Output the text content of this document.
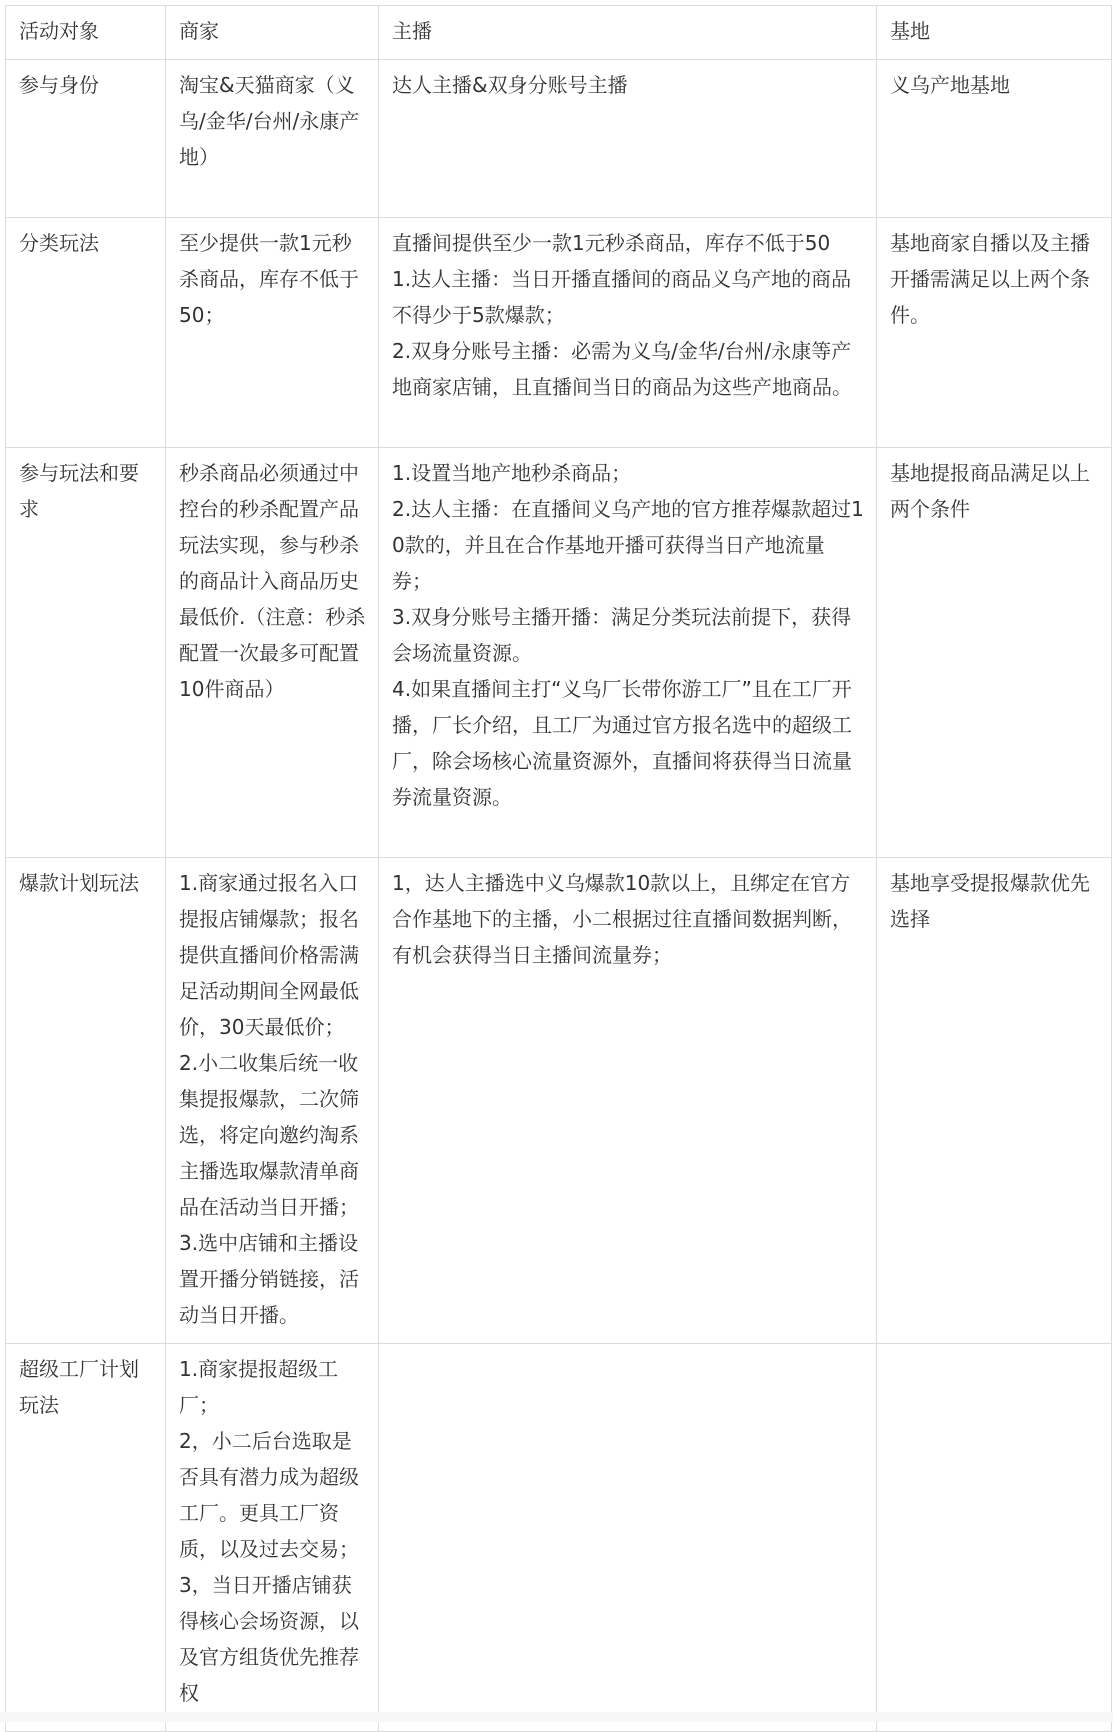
活动对象	商家	主播	基地
参与身份	淘宝&天猫商家（义乌/金华/台州/永康产地）	达人主播&双身分账号主播	义乌产地基地

分类玩法	至少提供一款1元秒杀商品，库存不低于50；	直播间提供至少一款1元秒杀商品，库存不低于50
1.达人主播：当日开播直播间的商品义乌产地的商品不得少于5款爆款；
2.双身分账号主播：必需为义乌/金华/台州/永康等产地商家店铺，且直播间当日的商品为这些产地商品。	基地商家自播以及主播开播需满足以上两个条件。

参与玩法和要求	秒杀商品必须通过中控台的秒杀配置产品玩法实现，参与秒杀的商品计入商品历史最低价.（注意：秒杀配置一次最多可配置10件商品）	1.设置当地产地秒杀商品；
2.达人主播：在直播间义乌产地的官方推荐爆款超过10款的，并且在合作基地开播可获得当日产地流量券；
3.双身分账号主播开播：满足分类玩法前提下，获得会场流量资源。
4.如果直播间主打“义乌厂长带你游工厂”且在工厂开播，厂长介绍，且工厂为通过官方报名选中的超级工厂，除会场核心流量资源外，直播间将获得当日流量券流量资源。	基地提报商品满足以上两个条件

爆款计划玩法	1.商家通过报名入口提报店铺爆款；报名提供直播间价格需满足活动期间全网最低价，30天最低价；
2.小二收集后统一收集提报爆款，二次筛选，将定向邀约淘系主播选取爆款清单商品在活动当日开播；
3.选中店铺和主播设置开播分销链接，活动当日开播。	1，达人主播选中义乌爆款10款以上，且绑定在官方合作基地下的主播，小二根据过往直播间数据判断，有机会获得当日主播间流量券；	基地享受提报爆款优先选择

超级工厂计划玩法	1.商家提报超级工厂；
2，小二后台选取是否具有潜力成为超级工厂。更具工厂资质，以及过去交易；
3，当日开播店铺获得核心会场资源，以及官方组货优先推荐权		
